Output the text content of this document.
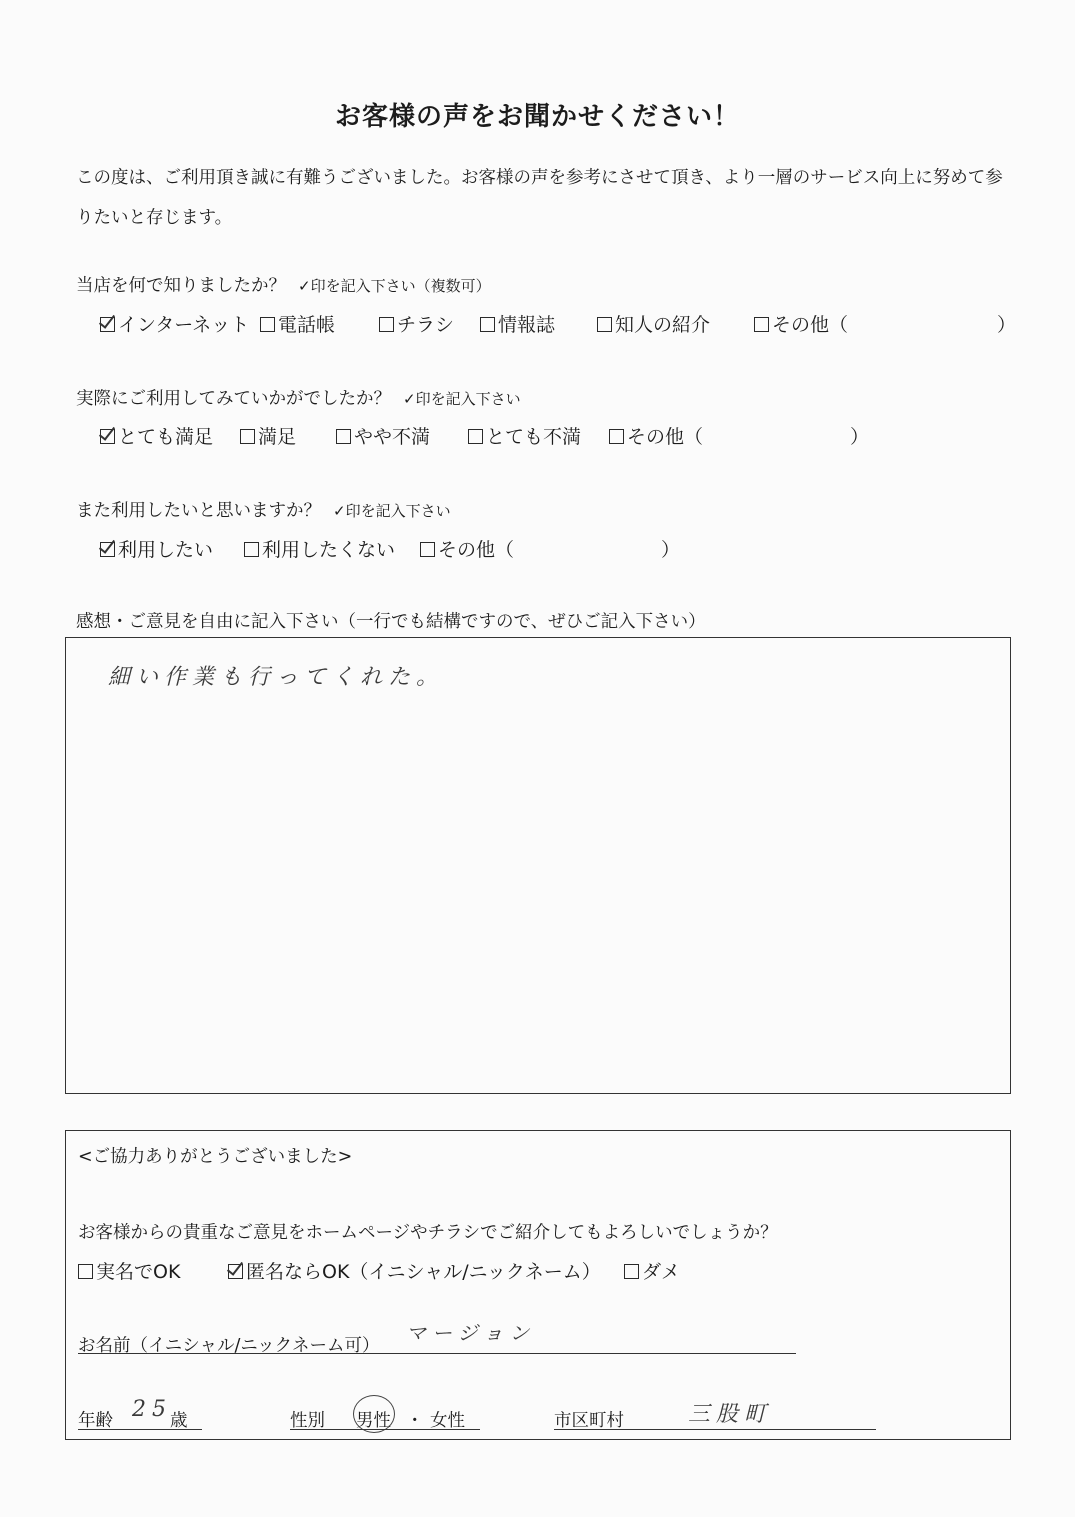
お客様の声をお聞かせください！
この度は、ご利用頂き誠に有難うございました。お客様の声を参考にさせて頂き、より一層のサービス向上に努めて参りたいと存じます。
当店を何で知りましたか？ ✓印を記入下さい（複数可）
インターネット	電話帳	チラシ	情報誌	知人の紹介	その他（	）
実際にご利用してみていかがでしたか？ ✓印を記入下さい
とても満足	満足	やや不満	とても不満	その他（	）
また利用したいと思いますか？ ✓印を記入下さい
利用したい	利用したくない	その他（	）
感想・ご意見を自由に記入下さい（一行でも結構ですので、ぜひご記入下さい）
細い作業も行ってくれた。
<ご協力ありがとうございました>
お客様からの貴重なご意見をホームページやチラシでご紹介してもよろしいでしょうか？
実名でOK	匿名ならOK（イニシャル/ニックネーム）	ダメ
お名前（イニシャル/ニックネーム可）
マージョン
年齢 25
歳	性別 男性 ・ 女性	市区町村	三股町
